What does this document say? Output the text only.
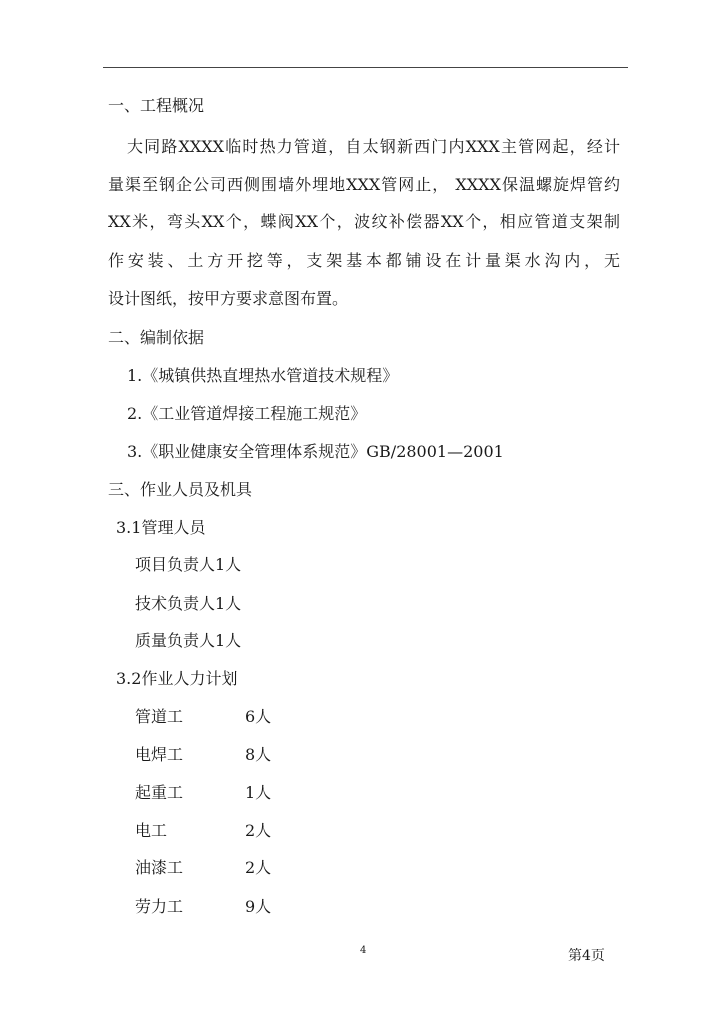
一、工程概况
大同路XXXX临时热力管道，自太钢新西门内XXX主管网起，经计
量渠至钢企公司西侧围墙外埋地XXX管网止， XXXX保温螺旋焊管约
XX米，弯头XX个，蝶阀XX个，波纹补偿器XX个，相应管道支架制
作安装、土方开挖等，支架基本都铺设在计量渠水沟内，无
设计图纸，按甲方要求意图布置。
二、编制依据
1.《城镇供热直埋热水管道技术规程》
2.《工业管道焊接工程施工规范》
3.《职业健康安全管理体系规范》GB/28001—2001
三、作业人员及机具
3.1管理人员
项目负责人1人
技术负责人1人
质量负责人1人
3.2作业人力计划
管道工	6人
电焊工	8人
起重工	1人
电工	2人
油漆工	2人
劳力工	9人
4	第4页
